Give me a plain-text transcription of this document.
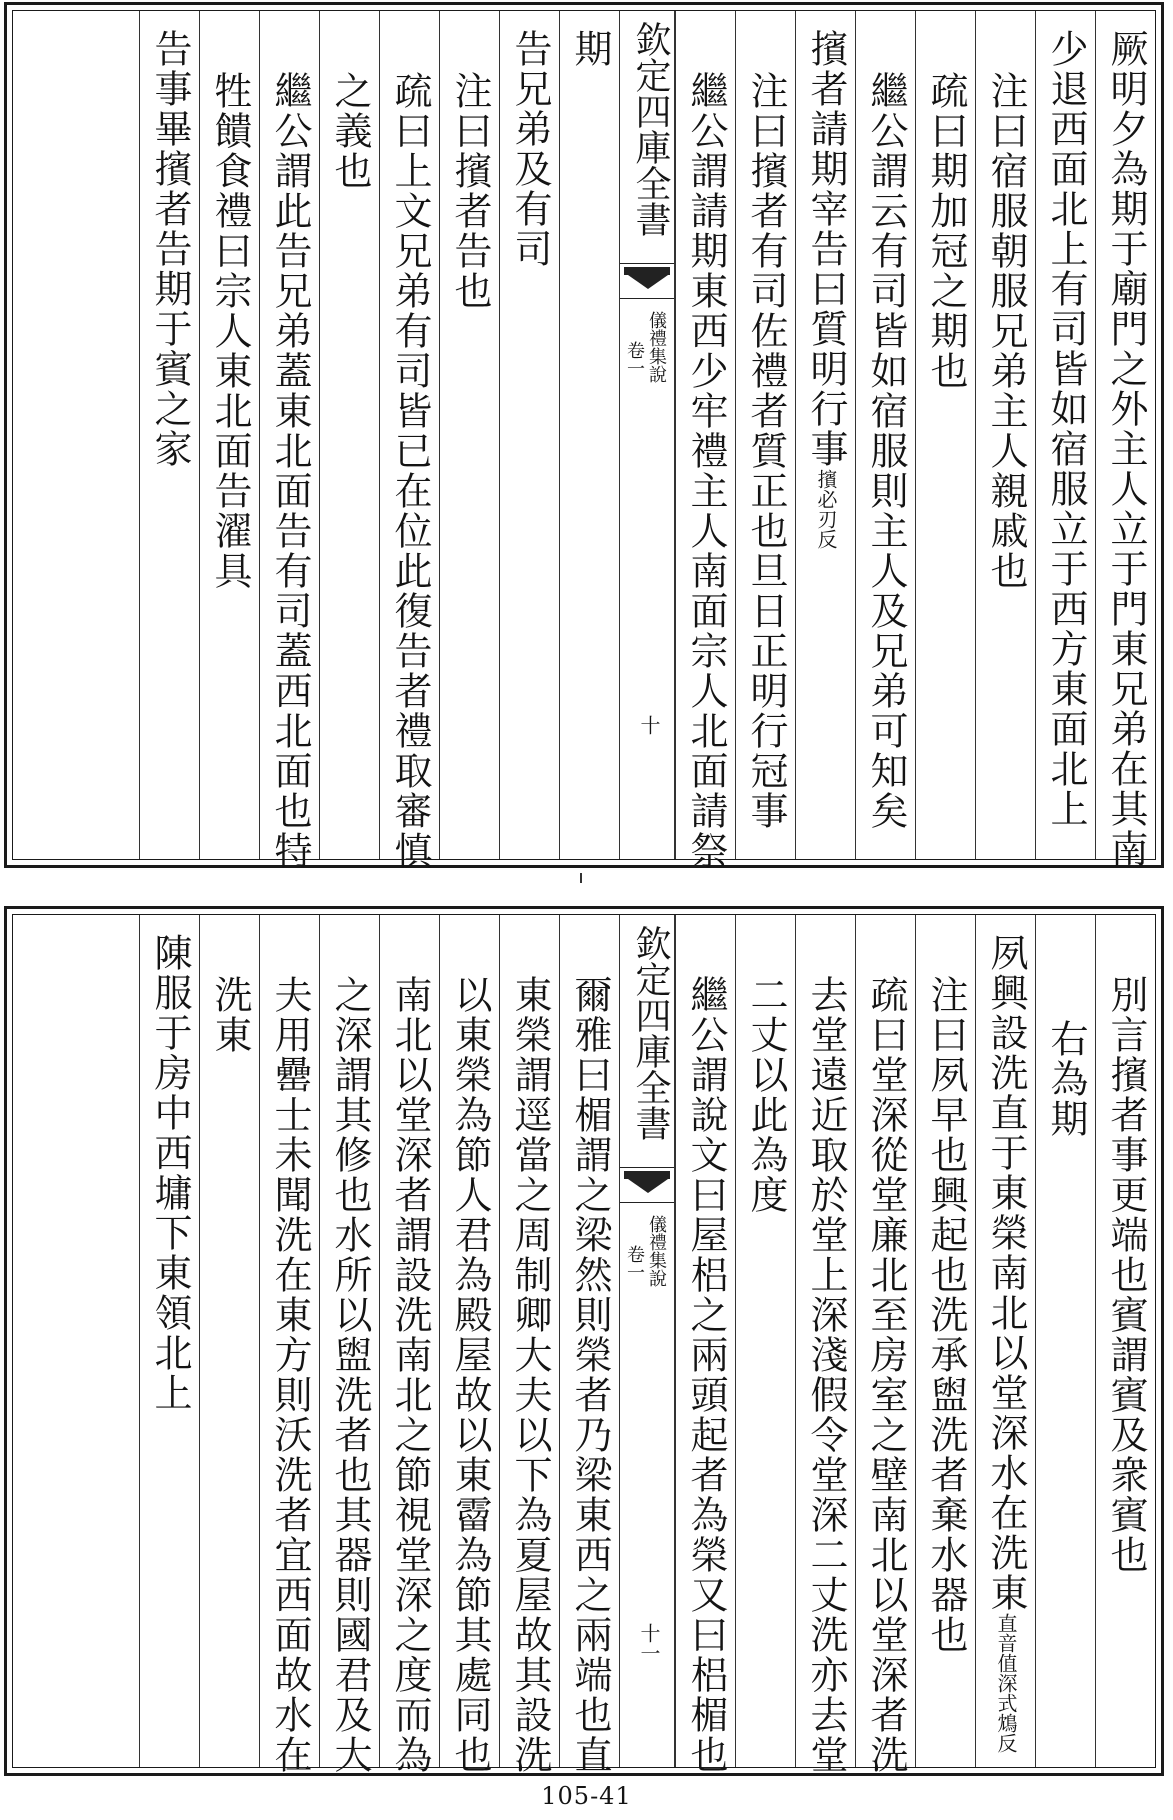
厥明夕為期于廟門之外主人立于門東兄弟在其南
少退西面北上有司皆如宿服立于西方東面北上
注曰宿服朝服兄弟主人親戚也
疏曰期加冠之期也
繼公謂云有司皆如宿服則主人及兄弟可知矣
擯者請期宰告曰質明行事擯必刃反
注曰擯者有司佐禮者質正也旦日正明行冠事
繼公謂請期東西少牢禮主人南面宗人北面請祭
欽定四庫全書
儀禮集說
卷一
十
期
告兄弟及有司
注曰擯者告也
疏曰上文兄弟有司皆已在位此復告者禮取審慎
之義也
繼公謂此告兄弟蓋東北面告有司蓋西北面也特
牲饋食禮曰宗人東北面告濯具
告事畢擯者告期于賓之家
別言擯者事更端也賓謂賓及衆賓也
右為期
夙興設洗直于東榮南北以堂深水在洗東直音值深式鴆反
注曰夙早也興起也洗承盥洗者棄水器也
疏曰堂深從堂廉北至房室之壁南北以堂深者洗
去堂遠近取於堂上深淺假令堂深二丈洗亦去堂
二丈以此為度
繼公謂說文曰屋梠之兩頭起者為榮又曰梠楣也
欽定四庫全書
儀禮集說
卷一
十一
爾雅曰楣謂之梁然則榮者乃梁東西之兩端也直
東榮謂逕當之周制卿大夫以下為夏屋故其設洗
以東榮為節人君為殿屋故以東霤為節其處同也
南北以堂深者謂設洗南北之節視堂深之度而為
之深謂其修也水所以盥洗者也其器則國君及大
夫用罍士未聞洗在東方則沃洗者宜西面故水在
洗東
陳服于房中西墉下東領北上
105-41
